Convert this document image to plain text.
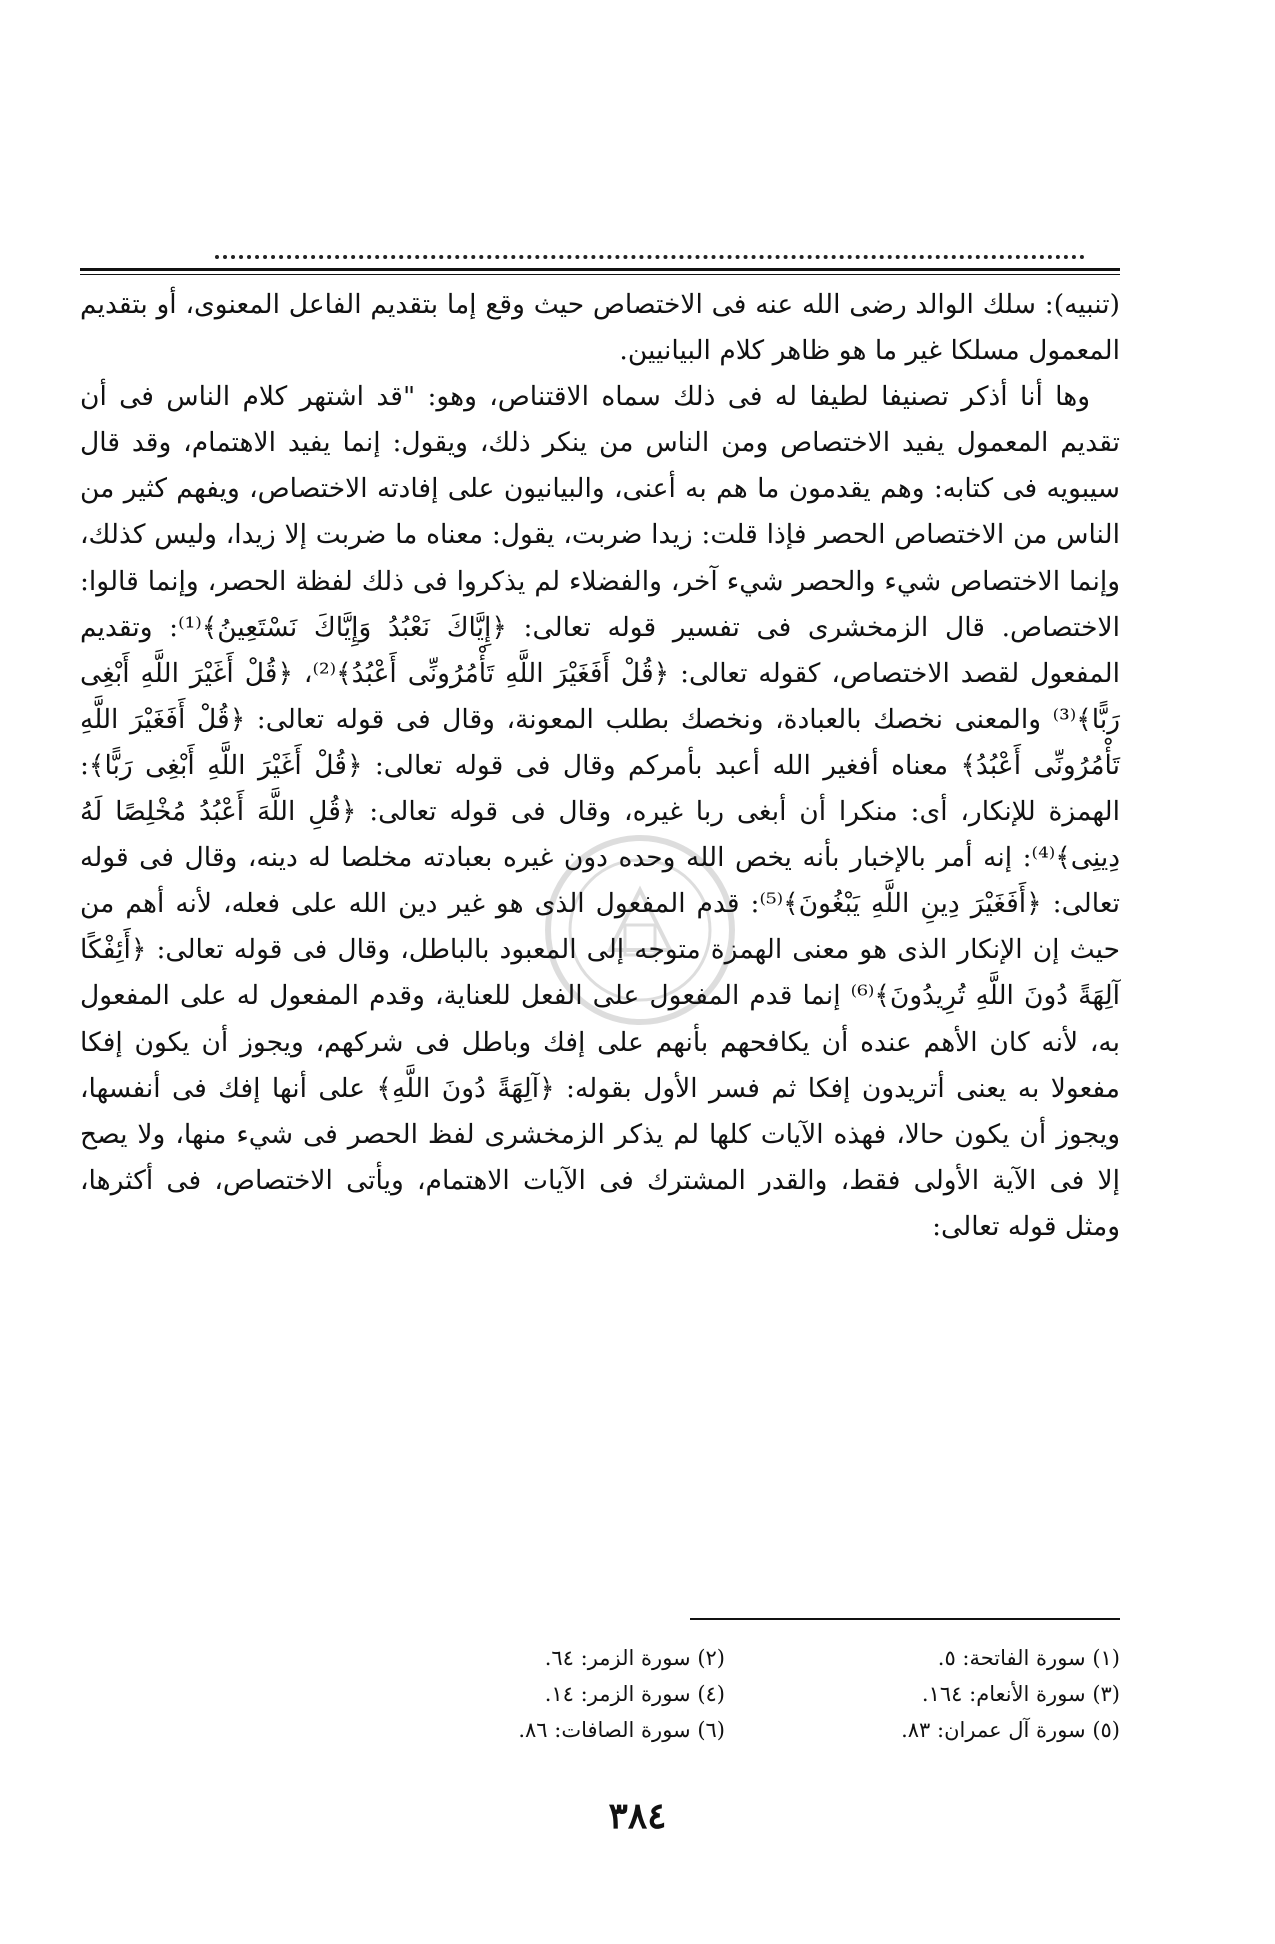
(تنبيه): سلك الوالد رضى الله عنه فى الاختصاص حيث وقع إما بتقديم الفاعل المعنوى، أو بتقديم المعمول مسلكا غير ما هو ظاهر كلام البيانيين.

وها أنا أذكر تصنيفا لطيفا له فى ذلك سماه الاقتناص، وهو: "قد اشتهر كلام الناس فى أن تقديم المعمول يفيد الاختصاص ومن الناس من ينكر ذلك، ويقول: إنما يفيد الاهتمام، وقد قال سيبويه فى كتابه: وهم يقدمون ما هم به أعنى، والبيانيون على إفادته الاختصاص، ويفهم كثير من الناس من الاختصاص الحصر فإذا قلت: زيدا ضربت، يقول: معناه ما ضربت إلا زيدا، وليس كذلك، وإنما الاختصاص شيء والحصر شيء آخر، والفضلاء لم يذكروا فى ذلك لفظة الحصر، وإنما قالوا: الاختصاص. قال الزمخشرى فى تفسير قوله تعالى: ﴿إِيَّاكَ نَعْبُدُ وَإِيَّاكَ نَسْتَعِينُ﴾⁽¹⁾: وتقديم المفعول لقصد الاختصاص، كقوله تعالى: ﴿قُلْ أَفَغَيْرَ اللَّهِ تَأْمُرُونِّى أَعْبُدُ﴾⁽²⁾، ﴿قُلْ أَغَيْرَ اللَّهِ أَبْغِى رَبًّا﴾⁽³⁾ والمعنى نخصك بالعبادة، ونخصك بطلب المعونة، وقال فى قوله تعالى: ﴿قُلْ أَفَغَيْرَ اللَّهِ تَأْمُرُونِّى أَعْبُدُ﴾ معناه أفغير الله أعبد بأمركم وقال فى قوله تعالى: ﴿قُلْ أَغَيْرَ اللَّهِ أَبْغِى رَبًّا﴾: الهمزة للإنكار، أى: منكرا أن أبغى ربا غيره، وقال فى قوله تعالى: ﴿قُلِ اللَّهَ أَعْبُدُ مُخْلِصًا لَهُ دِينِى﴾⁽⁴⁾: إنه أمر بالإخبار بأنه يخص الله وحده دون غيره بعبادته مخلصا له دينه، وقال فى قوله تعالى: ﴿أَفَغَيْرَ دِينِ اللَّهِ يَبْغُونَ﴾⁽⁵⁾: قدم المفعول الذى هو غير دين الله على فعله، لأنه أهم من حيث إن الإنكار الذى هو معنى الهمزة متوجه إلى المعبود بالباطل، وقال فى قوله تعالى: ﴿أَئِفْكًا آلِهَةً دُونَ اللَّهِ تُرِيدُونَ﴾⁽⁶⁾ إنما قدم المفعول على الفعل للعناية، وقدم المفعول له على المفعول به، لأنه كان الأهم عنده أن يكافحهم بأنهم على إفك وباطل فى شركهم، ويجوز أن يكون إفكا مفعولا به يعنى أتريدون إفكا ثم فسر الأول بقوله: ﴿آلِهَةً دُونَ اللَّهِ﴾ على أنها إفك فى أنفسها، ويجوز أن يكون حالا، فهذه الآيات كلها لم يذكر الزمخشرى لفظ الحصر فى شيء منها، ولا يصح إلا فى الآية الأولى فقط، والقدر المشترك فى الآيات الاهتمام، ويأتى الاختصاص، فى أكثرها، ومثل قوله تعالى:

(١) سورة الفاتحة: ٥.
(٢) سورة الزمر: ٦٤.
(٣) سورة الأنعام: ١٦٤.
(٤) سورة الزمر: ١٤.
(٥) سورة آل عمران: ٨٣.
(٦) سورة الصافات: ٨٦.
٣٨٤
